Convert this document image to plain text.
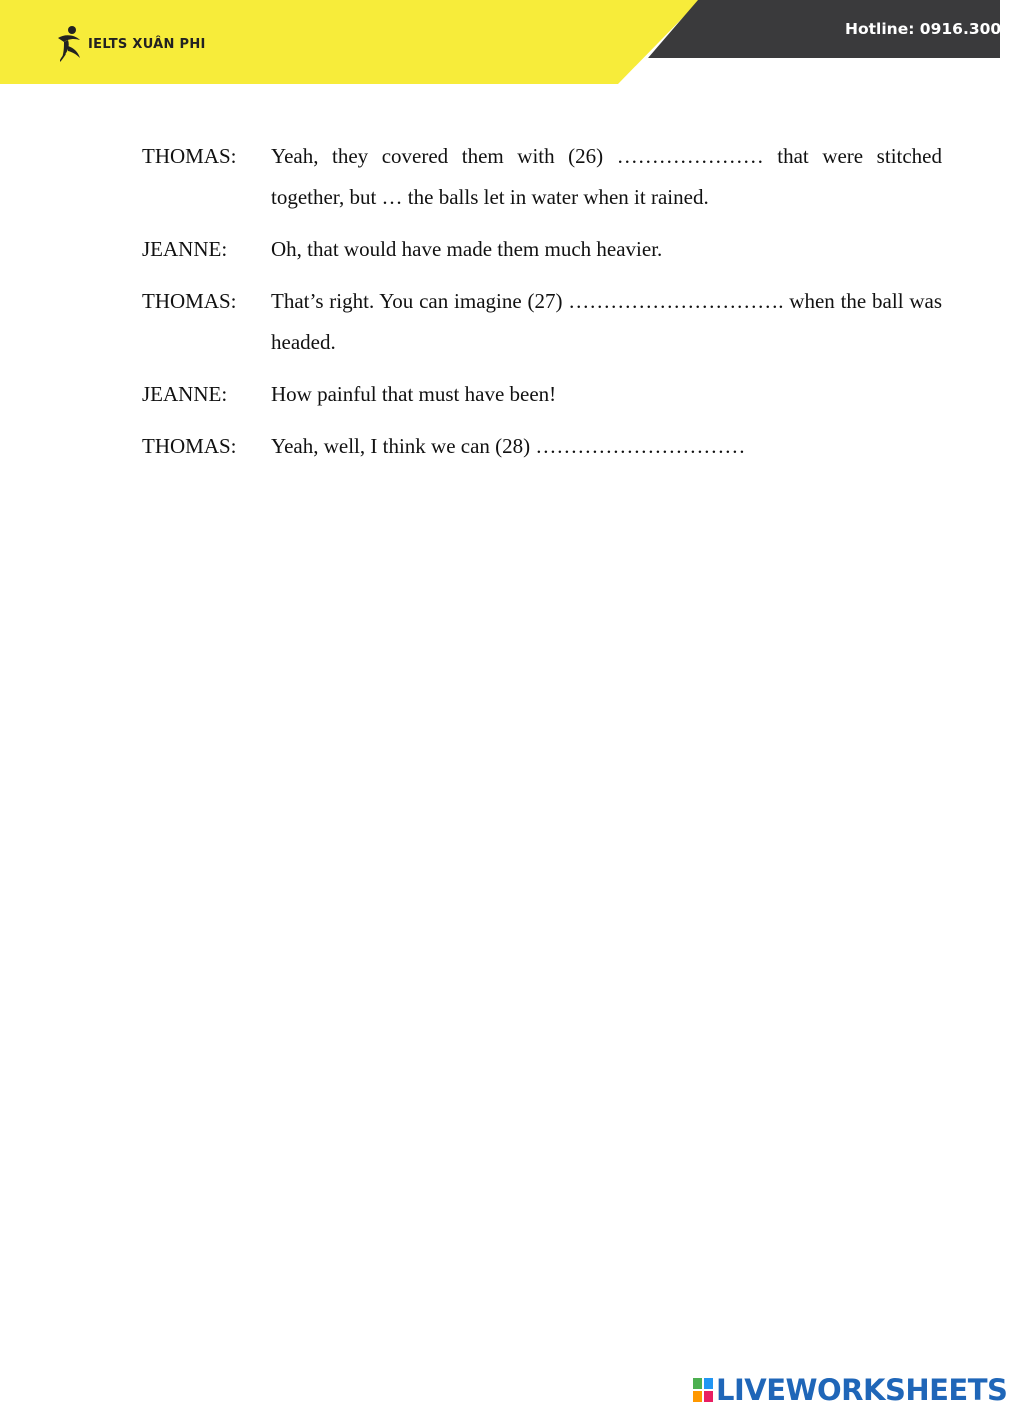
IELTS XUÂN PHI
Hotline: 0916.300.7
THOMAS:	Yeah, they covered them with (26) ………………… that were stitched together, but … the balls let in water when it rained.
JEANNE:	Oh, that would have made them much heavier.
THOMAS:	That’s right. You can imagine (27) …………………………. when the ball was headed.
JEANNE:	How painful that must have been!
THOMAS:	Yeah, well, I think we can (28) …………………………
LIVEWORKSHEETS
